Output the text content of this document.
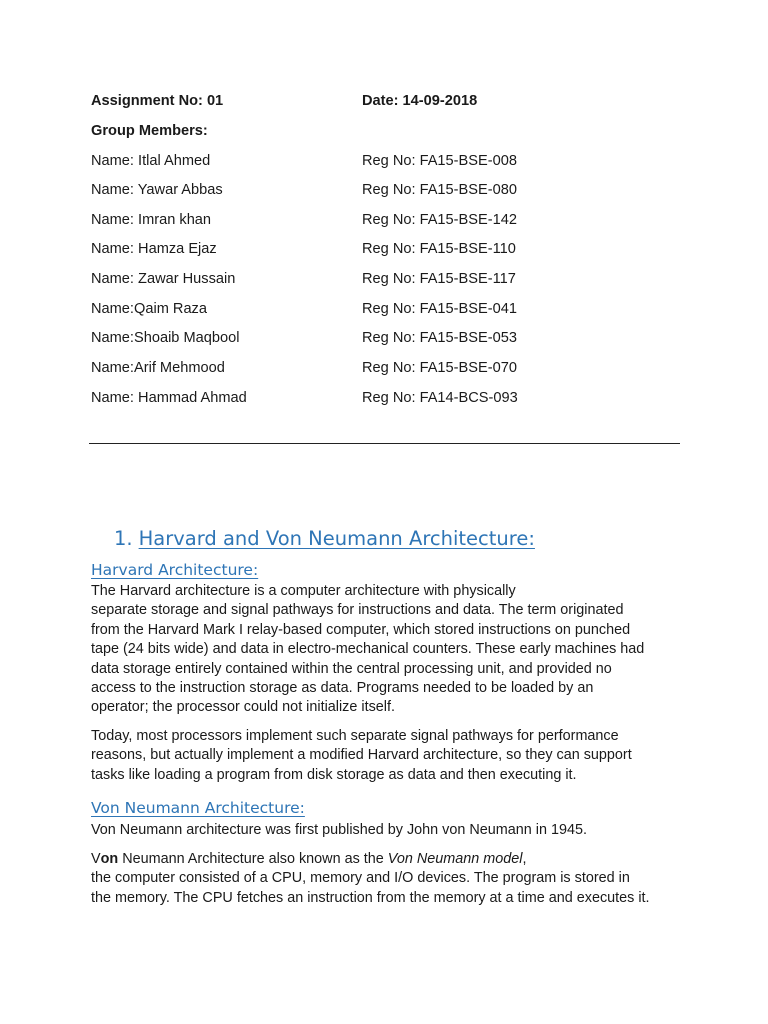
Assignment No: 01	Date: 14-09-2018
Group Members:
Name: Itlal Ahmed	Reg No: FA15-BSE-008
Name: Yawar Abbas	Reg No: FA15-BSE-080
Name: Imran khan	Reg No: FA15-BSE-142
Name: Hamza Ejaz	Reg No: FA15-BSE-110
Name: Zawar Hussain	Reg No: FA15-BSE-117
Name:Qaim Raza	Reg No: FA15-BSE-041
Name:Shoaib Maqbool	Reg No: FA15-BSE-053
Name:Arif Mehmood	Reg No: FA15-BSE-070
Name: Hammad Ahmad	Reg No: FA14-BCS-093
1. Harvard and Von Neumann Architecture:
Harvard Architecture:
The Harvard architecture is a computer architecture with physically
separate storage and signal pathways for instructions and data. The term originated
from the Harvard Mark I relay-based computer, which stored instructions on punched
tape (24 bits wide) and data in electro-mechanical counters. These early machines had
data storage entirely contained within the central processing unit, and provided no
access to the instruction storage as data. Programs needed to be loaded by an
operator; the processor could not initialize itself.
Today, most processors implement such separate signal pathways for performance
reasons, but actually implement a modified Harvard architecture, so they can support
tasks like loading a program from disk storage as data and then executing it.
Von Neumann Architecture:
Von Neumann architecture was first published by John von Neumann in 1945.
Von Neumann Architecture also known as the Von Neumann model,
the computer consisted of a CPU, memory and I/O devices. The program is stored in
the memory. The CPU fetches an instruction from the memory at a time and executes it.
